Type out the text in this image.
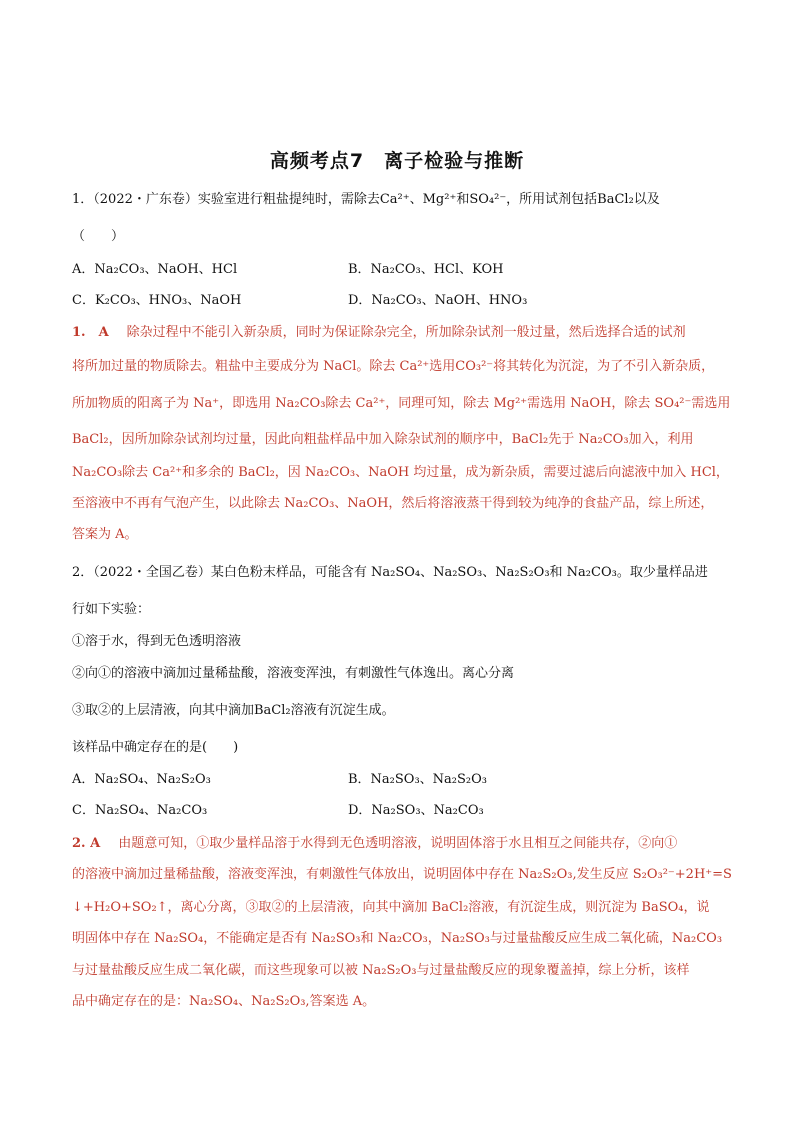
高频考点7　离子检验与推断
1．（2022・广东卷）实验室进行粗盐提纯时，需除去Ca²⁺、Mg²⁺和SO₄²⁻，所用试剂包括BaCl₂以及
（　　）
A．Na₂CO₃、NaOH、HCl	B．Na₂CO₃、HCl、KOH
C．K₂CO₃、HNO₃、NaOH	D．Na₂CO₃、NaOH、HNO₃
1.　A 除杂过程中不能引入新杂质，同时为保证除杂完全，所加除杂试剂一般过量，然后选择合适的试剂
将所加过量的物质除去。粗盐中主要成分为 NaCl。除去 Ca²⁺选用CO₃²⁻将其转化为沉淀，为了不引入新杂质，
所加物质的阳离子为 Na⁺，即选用 Na₂CO₃除去 Ca²⁺，同理可知，除去 Mg²⁺需选用 NaOH，除去 SO₄²⁻需选用
BaCl₂，因所加除杂试剂均过量，因此向粗盐样品中加入除杂试剂的顺序中，BaCl₂先于 Na₂CO₃加入，利用
Na₂CO₃除去 Ca²⁺和多余的 BaCl₂，因 Na₂CO₃、NaOH 均过量，成为新杂质，需要过滤后向滤液中加入 HCl，
至溶液中不再有气泡产生，以此除去 Na₂CO₃、NaOH，然后将溶液蒸干得到较为纯净的食盐产品，综上所述，
答案为 A。
2．（2022・全国乙卷）某白色粉末样品，可能含有 Na₂SO₄、Na₂SO₃、Na₂S₂O₃和 Na₂CO₃。取少量样品进
行如下实验：
①溶于水，得到无色透明溶液
②向①的溶液中滴加过量稀盐酸，溶液变浑浊，有刺激性气体逸出。离心分离
③取②的上层清液，向其中滴加BaCl₂溶液有沉淀生成。
该样品中确定存在的是(　　)
A．Na₂SO₄、Na₂S₂O₃	B．Na₂SO₃、Na₂S₂O₃
C．Na₂SO₄、Na₂CO₃	D．Na₂SO₃、Na₂CO₃
2. A 由题意可知，①取少量样品溶于水得到无色透明溶液，说明固体溶于水且相互之间能共存，②向①
的溶液中滴加过量稀盐酸，溶液变浑浊，有刺激性气体放出，说明固体中存在 Na₂S₂O₃,发生反应 S₂O₃²⁻+2H⁺=S
↓+H₂O+SO₂↑，离心分离，③取②的上层清液，向其中滴加 BaCl₂溶液，有沉淀生成，则沉淀为 BaSO₄，说
明固体中存在 Na₂SO₄，不能确定是否有 Na₂SO₃和 Na₂CO₃，Na₂SO₃与过量盐酸反应生成二氧化硫，Na₂CO₃
与过量盐酸反应生成二氧化碳，而这些现象可以被 Na₂S₂O₃与过量盐酸反应的现象覆盖掉，综上分析，该样
品中确定存在的是：Na₂SO₄、Na₂S₂O₃,答案选 A。
